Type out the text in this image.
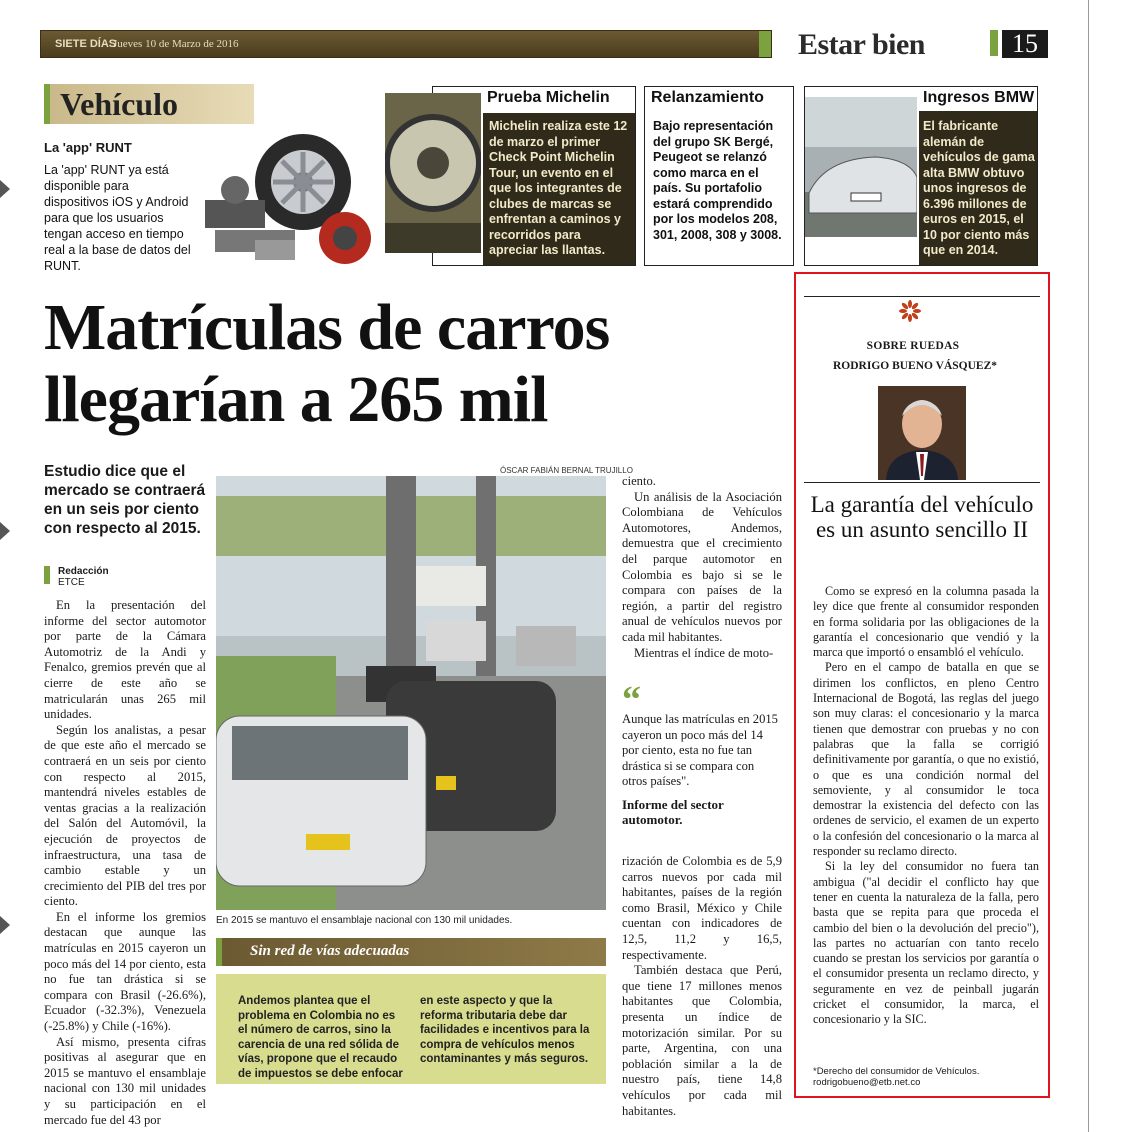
SIETE DÍAS
Jueves 10 de Marzo de 2016	Estar bien	15
Vehículo
La 'app' RUNT
La 'app' RUNT ya está disponible para dispositivos iOS y Android para que los usuarios tengan acceso en tiempo real a la base de datos del RUNT.
Prueba Michelin
Michelin realiza este 12 de marzo el primer Check Point Michelin Tour, un evento en el que los integrantes de clubes de marcas se enfrentan a caminos y recorridos para apreciar las llantas.
Relanzamiento
Bajo representación del grupo SK Bergé, Peugeot se relanzó como marca en el país. Su portafolio estará comprendido por los modelos 208, 301, 2008, 308 y 3008.
Ingresos BMW
El fabricante alemán de vehículos de gama alta BMW obtuvo unos ingresos de 6.396 millones de euros en 2015, el 10 por ciento más que en 2014.
Matrículas de carros
llegarían a 265 mil
Estudio dice que el mercado se contraerá en un seis por ciento con respecto al 2015.
Redacción
ETCE

En la presentación del informe del sector automotor por parte de la Cámara Automotriz de la Andi y Fenalco, gremios prevén que al cierre de este año se matricularán unas 265 mil unidades.

Según los analistas, a pesar de que este año el mercado se contraerá en un seis por ciento con respecto al 2015, mantendrá niveles estables de ventas gracias a la realización del Salón del Automóvil, la ejecución de proyectos de infraestructura, una tasa de cambio estable y un crecimiento del PIB del tres por ciento.

En el informe los gremios destacan que aunque las matrículas en 2015 cayeron un poco más del 14 por ciento, esta no fue tan drástica si se compara con Brasil (-26.6%), Ecuador (-32.3%), Venezuela (-25.8%) y Chile (-16%).

Así mismo, presenta cifras positivas al asegurar que en 2015 se mantuvo el ensamblaje nacional con 130 mil unidades y su participación en el mercado fue del 43 por

ÓSCAR FABIÁN BERNAL TRUJILLO
En 2015 se mantuvo el ensamblaje nacional con 130 mil unidades.

ciento.

Un análisis de la Asociación Colombiana de Vehículos Automotores, Andemos, demuestra que el crecimiento del parque automotor en Colombia es bajo si se le compara con países de la región, a partir del registro anual de vehículos nuevos por cada mil habitantes.

Mientras el índice de moto-

“
Aunque las matrículas en 2015 cayeron un poco más del 14 por ciento, esta no fue tan drástica si se compara con otros países".
Informe del sector automotor.

rización de Colombia es de 5,9 carros nuevos por cada mil habitantes, países de la región como Brasil, México y Chile cuentan con indicadores de 12,5, 11,2 y 16,5, respectivamente.

También destaca que Perú, que tiene 17 millones menos habitantes que Colombia, presenta un índice de motorización similar. Por su parte, Argentina, con una población similar a la de nuestro país, tiene 14,8 vehículos por cada mil habitantes.

Sin red de vías adecuadas
Andemos plantea que el problema en Colombia no es el número de carros, sino la carencia de una red sólida de vías, propone que el recaudo de impuestos se debe enfocar
en este aspecto y que la reforma tributaria debe dar facilidades e incentivos para la compra de vehículos menos contaminantes y más seguros.
SOBRE RUEDAS
RODRIGO BUENO VÁSQUEZ*
La garantía del vehículo es un asunto sencillo II

Como se expresó en la columna pasada la ley dice que frente al consumidor responden en forma solidaria por las obligaciones de la garantía el concesionario que vendió y la marca que importó o ensambló el vehículo.

Pero en el campo de batalla en que se dirimen los conflictos, en pleno Centro Internacional de Bogotá, las reglas del juego son muy claras: el concesionario y la marca tienen que demostrar con pruebas y no con palabras que la falla se corrigió definitivamente por garantía, o que no existió, o que es una condición normal del semoviente, y al consumidor le toca demostrar la existencia del defecto con las ordenes de servicio, el examen de un experto o la confesión del concesionario o la marca al responder su reclamo directo.

Si la ley del consumidor no fuera tan ambigua ("al decidir el conflicto hay que tener en cuenta la naturaleza de la falla, pero basta que se repita para que proceda el cambio del bien o la devolución del precio"), las partes no actuarían con tanto recelo cuando se prestan los servicios por garantía o el consumidor presenta un reclamo directo, y seguramente en vez de peinball jugarán cricket el consumidor, la marca, el concesionario y la SIC.

*Derecho del consumidor de Vehículos.
rodrigobueno@etb.net.co
